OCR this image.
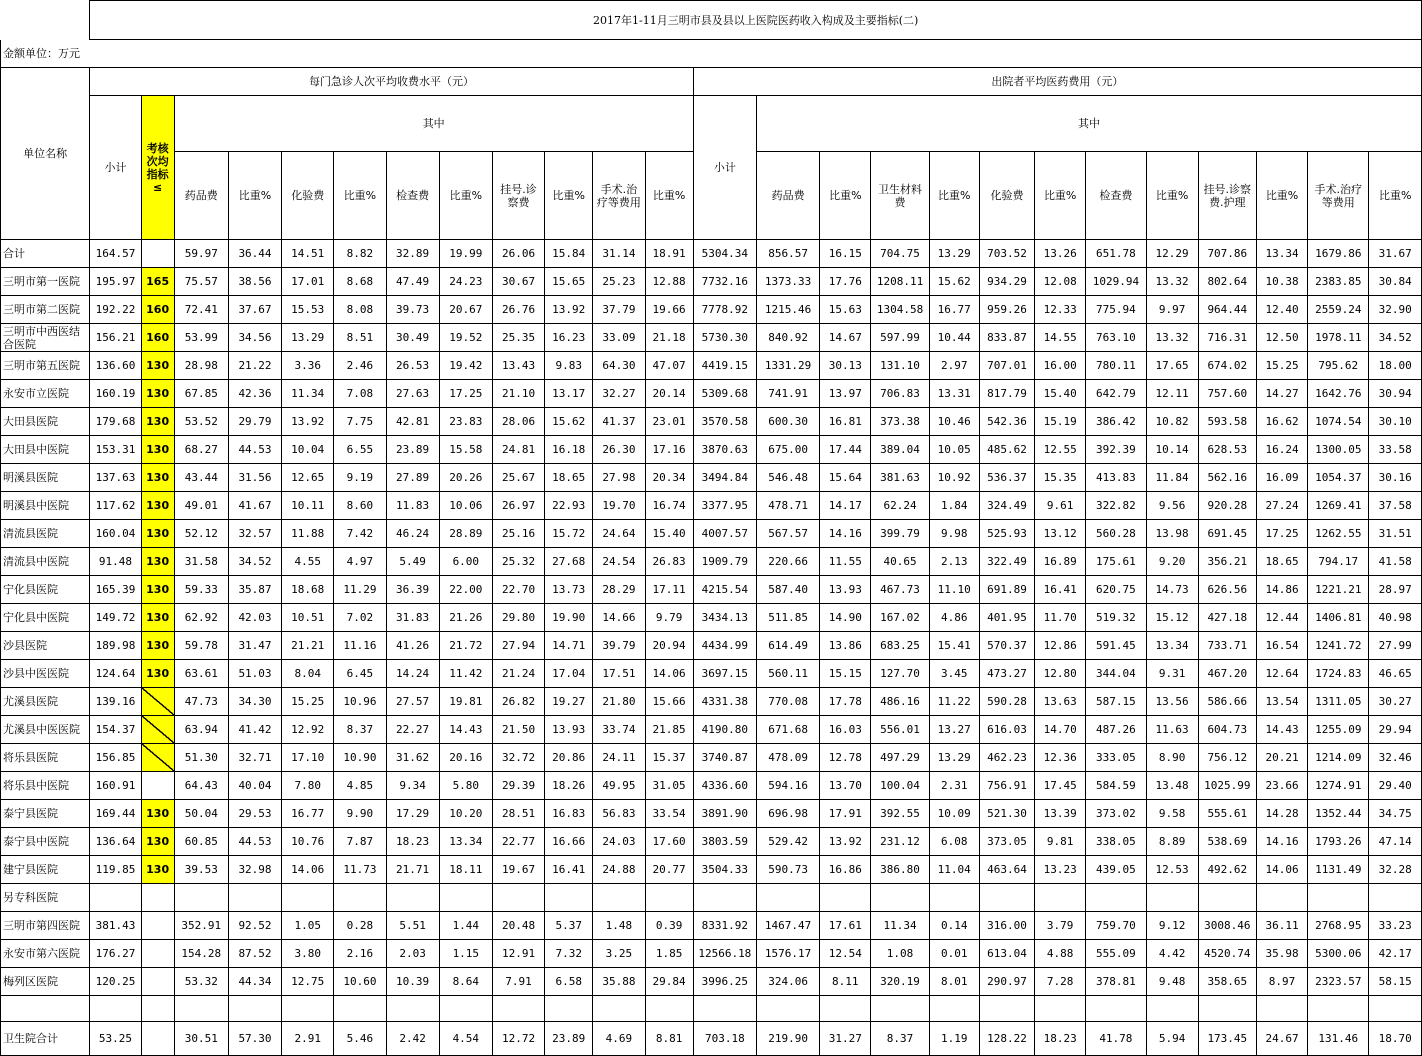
	2017年1-11月三明市县及县以上医院医药收入构成及主要指标(二)																								
金额单位：万元																									
单位名称	每门急诊人次平均收费水平（元）												出院者平均医药费用（元）												
	小计	考核次均指标≤	其中										小计	其中											
			药品费	比重%	化验费	比重%	检查费	比重%	挂号.诊察费	比重%	手术.治疗等费用	比重%		药品费	比重%	卫生材料费	比重%	化验费	比重%	检查费	比重%	挂号.诊察费.护理	比重%	手术.治疗等费用	比重%

合计	164.57		59.97	36.44	14.51	8.82	32.89	19.99	26.06	15.84	31.14	18.91	5304.34	856.57	16.15	704.75	13.29	703.52	13.26	651.78	12.29	707.86	13.34	1679.86	31.67
三明市第一医院	195.97	165	75.57	38.56	17.01	8.68	47.49	24.23	30.67	15.65	25.23	12.88	7732.16	1373.33	17.76	1208.11	15.62	934.29	12.08	1029.94	13.32	802.64	10.38	2383.85	30.84
三明市第二医院	192.22	160	72.41	37.67	15.53	8.08	39.73	20.67	26.76	13.92	37.79	19.66	7778.92	1215.46	15.63	1304.58	16.77	959.26	12.33	775.94	9.97	964.44	12.40	2559.24	32.90
三明市中西医结合医院	156.21	160	53.99	34.56	13.29	8.51	30.49	19.52	25.35	16.23	33.09	21.18	5730.30	840.92	14.67	597.99	10.44	833.87	14.55	763.10	13.32	716.31	12.50	1978.11	34.52
三明市第五医院	136.60	130	28.98	21.22	3.36	2.46	26.53	19.42	13.43	9.83	64.30	47.07	4419.15	1331.29	30.13	131.10	2.97	707.01	16.00	780.11	17.65	674.02	15.25	795.62	18.00
永安市立医院	160.19	130	67.85	42.36	11.34	7.08	27.63	17.25	21.10	13.17	32.27	20.14	5309.68	741.91	13.97	706.83	13.31	817.79	15.40	642.79	12.11	757.60	14.27	1642.76	30.94
大田县医院	179.68	130	53.52	29.79	13.92	7.75	42.81	23.83	28.06	15.62	41.37	23.01	3570.58	600.30	16.81	373.38	10.46	542.36	15.19	386.42	10.82	593.58	16.62	1074.54	30.10
大田县中医院	153.31	130	68.27	44.53	10.04	6.55	23.89	15.58	24.81	16.18	26.30	17.16	3870.63	675.00	17.44	389.04	10.05	485.62	12.55	392.39	10.14	628.53	16.24	1300.05	33.58
明溪县医院	137.63	130	43.44	31.56	12.65	9.19	27.89	20.26	25.67	18.65	27.98	20.34	3494.84	546.48	15.64	381.63	10.92	536.37	15.35	413.83	11.84	562.16	16.09	1054.37	30.16
明溪县中医院	117.62	130	49.01	41.67	10.11	8.60	11.83	10.06	26.97	22.93	19.70	16.74	3377.95	478.71	14.17	62.24	1.84	324.49	9.61	322.82	9.56	920.28	27.24	1269.41	37.58
清流县医院	160.04	130	52.12	32.57	11.88	7.42	46.24	28.89	25.16	15.72	24.64	15.40	4007.57	567.57	14.16	399.79	9.98	525.93	13.12	560.28	13.98	691.45	17.25	1262.55	31.51
清流县中医院	91.48	130	31.58	34.52	4.55	4.97	5.49	6.00	25.32	27.68	24.54	26.83	1909.79	220.66	11.55	40.65	2.13	322.49	16.89	175.61	9.20	356.21	18.65	794.17	41.58
宁化县医院	165.39	130	59.33	35.87	18.68	11.29	36.39	22.00	22.70	13.73	28.29	17.11	4215.54	587.40	13.93	467.73	11.10	691.89	16.41	620.75	14.73	626.56	14.86	1221.21	28.97
宁化县中医院	149.72	130	62.92	42.03	10.51	7.02	31.83	21.26	29.80	19.90	14.66	9.79	3434.13	511.85	14.90	167.02	4.86	401.95	11.70	519.32	15.12	427.18	12.44	1406.81	40.98
沙县医院	189.98	130	59.78	31.47	21.21	11.16	41.26	21.72	27.94	14.71	39.79	20.94	4434.99	614.49	13.86	683.25	15.41	570.37	12.86	591.45	13.34	733.71	16.54	1241.72	27.99
沙县中医医院	124.64	130	63.61	51.03	8.04	6.45	14.24	11.42	21.24	17.04	17.51	14.06	3697.15	560.11	15.15	127.70	3.45	473.27	12.80	344.04	9.31	467.20	12.64	1724.83	46.65
尤溪县医院	139.16		47.73	34.30	15.25	10.96	27.57	19.81	26.82	19.27	21.80	15.66	4331.38	770.08	17.78	486.16	11.22	590.28	13.63	587.15	13.56	586.66	13.54	1311.05	30.27
尤溪县中医医院	154.37		63.94	41.42	12.92	8.37	22.27	14.43	21.50	13.93	33.74	21.85	4190.80	671.68	16.03	556.01	13.27	616.03	14.70	487.26	11.63	604.73	14.43	1255.09	29.94
将乐县医院	156.85		51.30	32.71	17.10	10.90	31.62	20.16	32.72	20.86	24.11	15.37	3740.87	478.09	12.78	497.29	13.29	462.23	12.36	333.05	8.90	756.12	20.21	1214.09	32.46
将乐县中医院	160.91		64.43	40.04	7.80	4.85	9.34	5.80	29.39	18.26	49.95	31.05	4336.60	594.16	13.70	100.04	2.31	756.91	17.45	584.59	13.48	1025.99	23.66	1274.91	29.40
泰宁县医院	169.44	130	50.04	29.53	16.77	9.90	17.29	10.20	28.51	16.83	56.83	33.54	3891.90	696.98	17.91	392.55	10.09	521.30	13.39	373.02	9.58	555.61	14.28	1352.44	34.75
泰宁县中医院	136.64	130	60.85	44.53	10.76	7.87	18.23	13.34	22.77	16.66	24.03	17.60	3803.59	529.42	13.92	231.12	6.08	373.05	9.81	338.05	8.89	538.69	14.16	1793.26	47.14
建宁县医院	119.85	130	39.53	32.98	14.06	11.73	21.71	18.11	19.67	16.41	24.88	20.77	3504.33	590.73	16.86	386.80	11.04	463.64	13.23	439.05	12.53	492.62	14.06	1131.49	32.28
另专科医院																									
三明市第四医院	381.43		352.91	92.52	1.05	0.28	5.51	1.44	20.48	5.37	1.48	0.39	8331.92	1467.47	17.61	11.34	0.14	316.00	3.79	759.70	9.12	3008.46	36.11	2768.95	33.23
永安市第六医院	176.27		154.28	87.52	3.80	2.16	2.03	1.15	12.91	7.32	3.25	1.85	12566.18	1576.17	12.54	1.08	0.01	613.04	4.88	555.09	4.42	4520.74	35.98	5300.06	42.17
梅列区医院	120.25		53.32	44.34	12.75	10.60	10.39	8.64	7.91	6.58	35.88	29.84	3996.25	324.06	8.11	320.19	8.01	290.97	7.28	378.81	9.48	358.65	8.97	2323.57	58.15

卫生院合计	53.25		30.51	57.30	2.91	5.46	2.42	4.54	12.72	23.89	4.69	8.81	703.18	219.90	31.27	8.37	1.19	128.22	18.23	41.78	5.94	173.45	24.67	131.46	18.70
